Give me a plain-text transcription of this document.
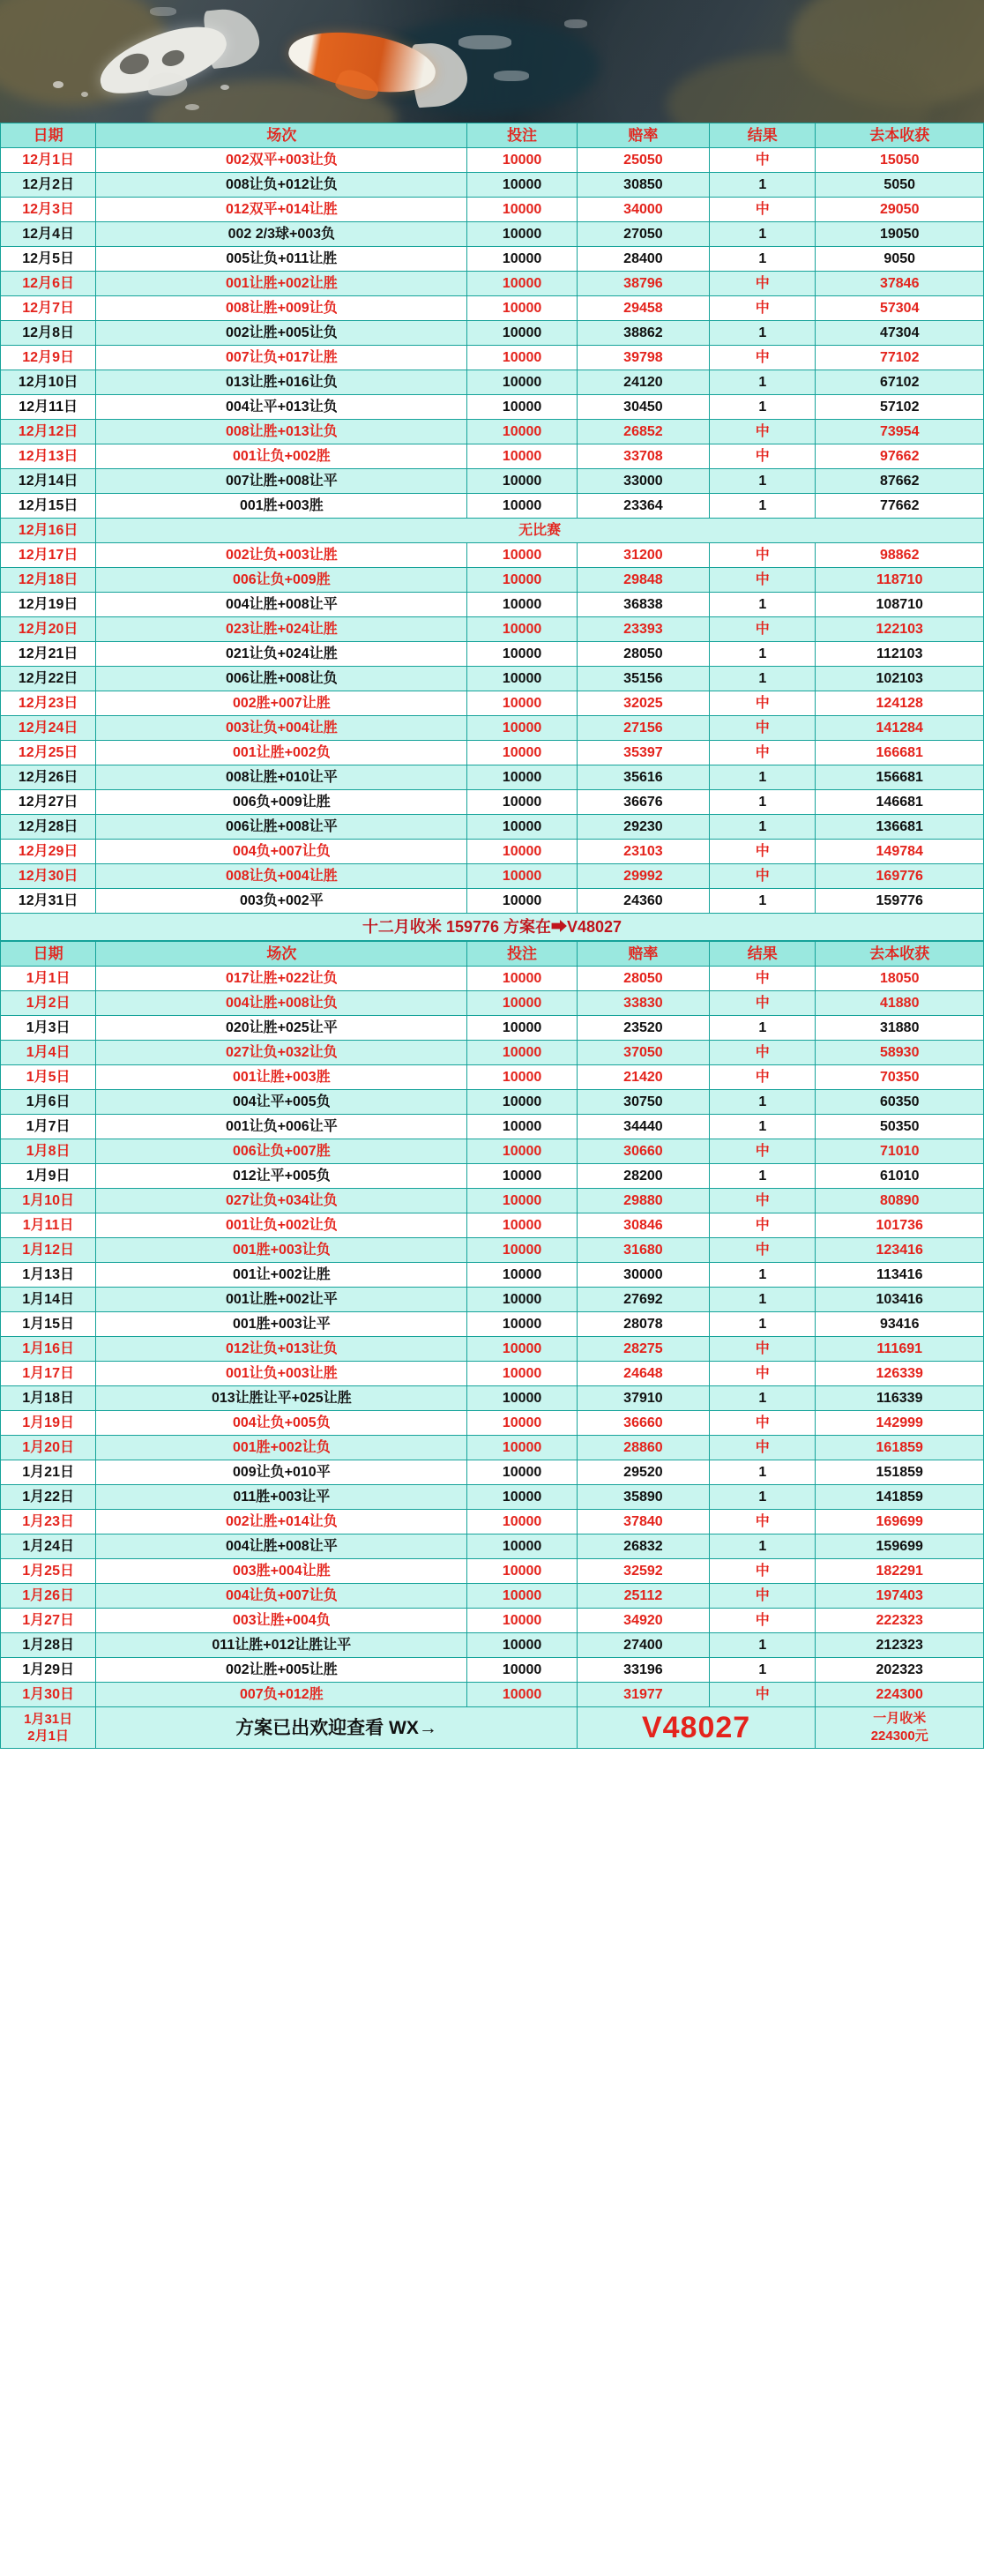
日期	场次	投注	赔率	结果	去本收获
12月1日	002双平+003让负	10000	25050	中	15050
12月2日	008让负+012让负	10000	30850	1	5050
12月3日	012双平+014让胜	10000	34000	中	29050
12月4日	002 2/3球+003负	10000	27050	1	19050
12月5日	005让负+011让胜	10000	28400	1	9050
12月6日	001让胜+002让胜	10000	38796	中	37846
12月7日	008让胜+009让负	10000	29458	中	57304
12月8日	002让胜+005让负	10000	38862	1	47304
12月9日	007让负+017让胜	10000	39798	中	77102
12月10日	013让胜+016让负	10000	24120	1	67102
12月11日	004让平+013让负	10000	30450	1	57102
12月12日	008让胜+013让负	10000	26852	中	73954
12月13日	001让负+002胜	10000	33708	中	97662
12月14日	007让胜+008让平	10000	33000	1	87662
12月15日	001胜+003胜	10000	23364	1	77662
12月16日	无比赛				
12月17日	002让负+003让胜	10000	31200	中	98862
12月18日	006让负+009胜	10000	29848	中	118710
12月19日	004让胜+008让平	10000	36838	1	108710
12月20日	023让胜+024让胜	10000	23393	中	122103
12月21日	021让负+024让胜	10000	28050	1	112103
12月22日	006让胜+008让负	10000	35156	1	102103
12月23日	002胜+007让胜	10000	32025	中	124128
12月24日	003让负+004让胜	10000	27156	中	141284
12月25日	001让胜+002负	10000	35397	中	166681
12月26日	008让胜+010让平	10000	35616	1	156681
12月27日	006负+009让胜	10000	36676	1	146681
12月28日	006让胜+008让平	10000	29230	1	136681
12月29日	004负+007让负	10000	23103	中	149784
12月30日	008让负+004让胜	10000	29992	中	169776
12月31日	003负+002平	10000	24360	1	159776
十二月收米 159776 方案在➡V48027					
日期	场次	投注	赔率	结果	去本收获
1月1日	017让胜+022让负	10000	28050	中	18050
1月2日	004让胜+008让负	10000	33830	中	41880
1月3日	020让胜+025让平	10000	23520	1	31880
1月4日	027让负+032让负	10000	37050	中	58930
1月5日	001让胜+003胜	10000	21420	中	70350
1月6日	004让平+005负	10000	30750	1	60350
1月7日	001让负+006让平	10000	34440	1	50350
1月8日	006让负+007胜	10000	30660	中	71010
1月9日	012让平+005负	10000	28200	1	61010
1月10日	027让负+034让负	10000	29880	中	80890
1月11日	001让负+002让负	10000	30846	中	101736
1月12日	001胜+003让负	10000	31680	中	123416
1月13日	001让+002让胜	10000	30000	1	113416
1月14日	001让胜+002让平	10000	27692	1	103416
1月15日	001胜+003让平	10000	28078	1	93416
1月16日	012让负+013让负	10000	28275	中	111691
1月17日	001让负+003让胜	10000	24648	中	126339
1月18日	013让胜让平+025让胜	10000	37910	1	116339
1月19日	004让负+005负	10000	36660	中	142999
1月20日	001胜+002让负	10000	28860	中	161859
1月21日	009让负+010平	10000	29520	1	151859
1月22日	011胜+003让平	10000	35890	1	141859
1月23日	002让胜+014让负	10000	37840	中	169699
1月24日	004让胜+008让平	10000	26832	1	159699
1月25日	003胜+004让胜	10000	32592	中	182291
1月26日	004让负+007让负	10000	25112	中	197403
1月27日	003让胜+004负	10000	34920	中	222323
1月28日	011让胜+012让胜让平	10000	27400	1	212323
1月29日	002让胜+005让胜	10000	33196	1	202323
1月30日	007负+012胜	10000	31977	中	224300

1月31日
2月1日	方案已出欢迎查看 WX→	V48027	一月收米
224300元
